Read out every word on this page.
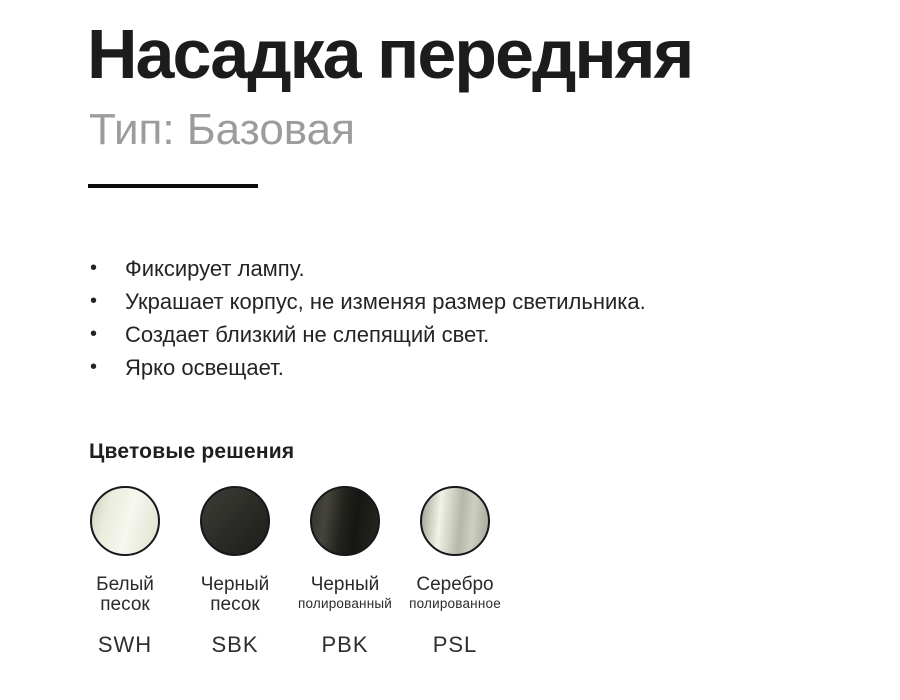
Насадка передняя
Тип: Базовая
•	Фиксирует лампу.
•	Украшает корпус, не изменяя размер светильника.
•	Создает близкий не слепящий свет.
•	Ярко освещает.
Цветовые решения
Белый
песок
SWH
Черный
песок
SBK
Черный
полированный
PBK
Серебро
полированное
PSL
